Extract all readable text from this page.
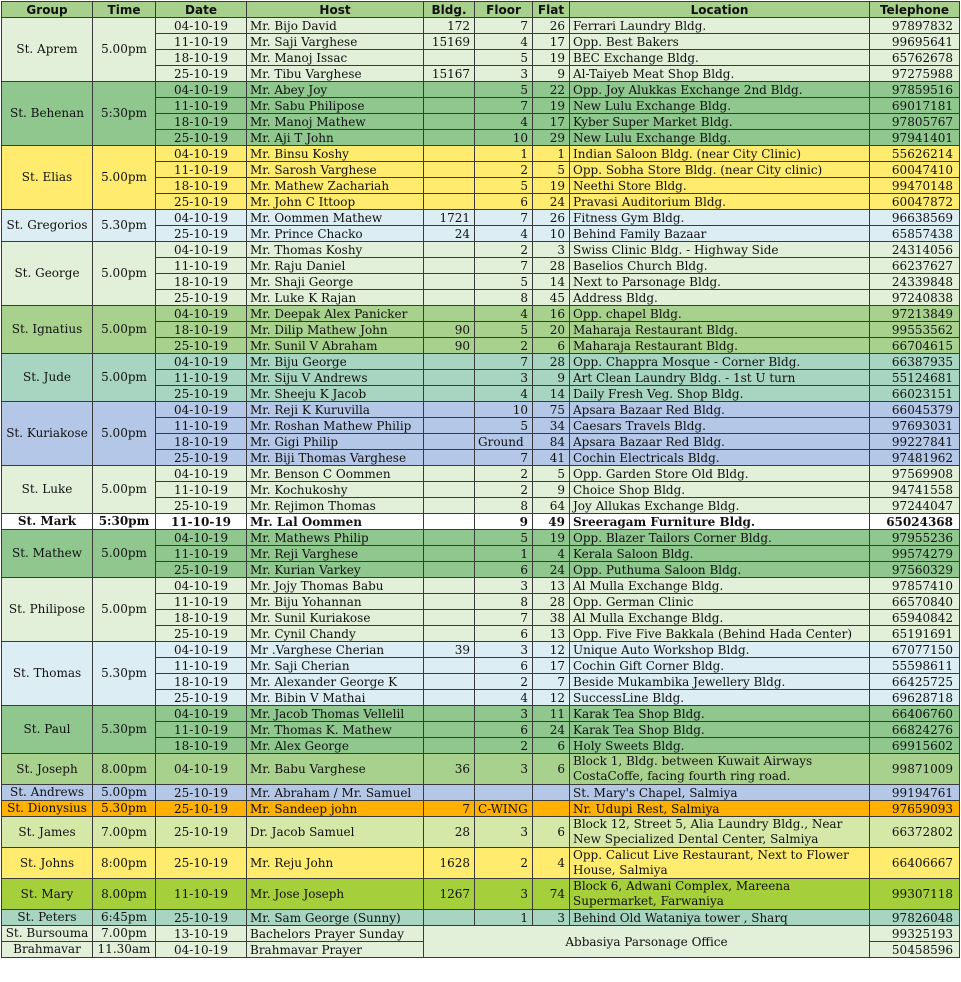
Group	Time	Date	Host	Bldg.	Floor	Flat	Location	Telephone
St. Aprem	5.00pm	04-10-19	Mr. Bijo David	172	7	26	Ferrari Laundry Bldg.	97897832
		11-10-19	Mr. Saji Varghese	15169	4	17	Opp. Best Bakers	99695641
		18-10-19	Mr. Manoj Issac		5	19	BEC Exchange Bldg.	65762678
		25-10-19	Mr. Tibu Varghese	15167	3	9	Al-Taiyeb Meat Shop Bldg.	97275988
St. Behenan	5:30pm	04-10-19	Mr. Abey Joy		5	22	Opp. Joy Alukkas Exchange 2nd Bldg.	97859516
		11-10-19	Mr. Sabu Philipose		7	19	New Lulu Exchange Bldg.	69017181
		18-10-19	Mr. Manoj Mathew		4	17	Kyber Super Market Bldg.	97805767
		25-10-19	Mr. Aji T John		10	29	New Lulu Exchange Bldg.	97941401
St. Elias	5.00pm	04-10-19	Mr. Binsu Koshy		1	1	Indian Saloon Bldg. (near City Clinic)	55626214
		11-10-19	Mr. Sarosh Varghese		2	5	Opp. Sobha Store Bldg. (near City clinic)	60047410
		18-10-19	Mr. Mathew Zachariah		5	19	Neethi Store Bldg.	99470148
		25-10-19	Mr. John C Ittoop		6	24	Pravasi Auditorium Bldg.	60047872
St. Gregorios	5.30pm	04-10-19	Mr. Oommen Mathew	1721	7	26	Fitness Gym Bldg.	96638569
		25-10-19	Mr. Prince Chacko	24	4	10	Behind Family Bazaar	65857438
St. George	5.00pm	04-10-19	Mr. Thomas Koshy		2	3	Swiss Clinic Bldg. - Highway Side	24314056
		11-10-19	Mr. Raju Daniel		7	28	Baselios Church Bldg.	66237627
		18-10-19	Mr. Shaji George		5	14	Next to Parsonage Bldg.	24339848
		25-10-19	Mr. Luke K Rajan		8	45	Address Bldg.	97240838
St. Ignatius	5.00pm	04-10-19	Mr. Deepak Alex Panicker		4	16	Opp. chapel Bldg.	97213849
		18-10-19	Mr. Dilip Mathew John	90	5	20	Maharaja Restaurant Bldg.	99553562
		25-10-19	Mr. Sunil V Abraham	90	2	6	Maharaja Restaurant Bldg.	66704615
St. Jude	5.00pm	04-10-19	Mr. Biju George		7	28	Opp. Chappra Mosque - Corner Bldg.	66387935
		11-10-19	Mr. Siju V Andrews		3	9	Art Clean Laundry Bldg. - 1st U turn	55124681
		25-10-19	Mr. Sheeju K Jacob		4	14	Daily Fresh Veg. Shop Bldg.	66023151
St. Kuriakose	5.00pm	04-10-19	Mr. Reji K Kuruvilla		10	75	Apsara Bazaar Red Bldg.	66045379
		11-10-19	Mr. Roshan Mathew Philip		5	34	Caesars Travels Bldg.	97693031
		18-10-19	Mr. Gigi Philip		Ground	84	Apsara Bazaar Red Bldg.	99227841
		25-10-19	Mr. Biji Thomas Varghese		7	41	Cochin Electricals Bldg.	97481962
St. Luke	5.00pm	04-10-19	Mr. Benson C Oommen		2	5	Opp. Garden Store Old Bldg.	97569908
		11-10-19	Mr. Kochukoshy		2	9	Choice Shop Bldg.	94741558
		25-10-19	Mr. Rejimon Thomas		8	64	Joy Allukas Exchange Bldg.	97244047
St. Mark	5:30pm	11-10-19	Mr. Lal Oommen		9	49	Sreeragam Furniture Bldg.	65024368
St. Mathew	5.00pm	04-10-19	Mr. Mathews Philip		5	19	Opp. Blazer Tailors Corner Bldg.	97955236
		11-10-19	Mr. Reji Varghese		1	4	Kerala Saloon Bldg.	99574279
		25-10-19	Mr. Kurian Varkey		6	24	Opp. Puthuma Saloon Bldg.	97560329
St. Philipose	5.00pm	04-10-19	Mr. Jojy Thomas Babu		3	13	Al Mulla Exchange Bldg.	97857410
		11-10-19	Mr. Biju Yohannan		8	28	Opp. German Clinic	66570840
		18-10-19	Mr. Sunil Kuriakose		7	38	Al Mulla Exchange Bldg.	65940842
		25-10-19	Mr. Cynil Chandy		6	13	Opp. Five Five Bakkala (Behind Hada Center)	65191691
St. Thomas	5.30pm	04-10-19	Mr .Varghese Cherian	39	3	12	Unique Auto Workshop Bldg.	67077150
		11-10-19	Mr. Saji Cherian		6	17	Cochin Gift Corner Bldg.	55598611
		18-10-19	Mr. Alexander George K		2	7	Beside Mukambika Jewellery Bldg.	66425725
		25-10-19	Mr. Bibin V Mathai		4	12	SuccessLine Bldg.	69628718
St. Paul	5.30pm	04-10-19	Mr. Jacob Thomas Vellelil		3	11	Karak Tea Shop Bldg.	66406760
		11-10-19	Mr. Thomas K. Mathew		6	24	Karak Tea Shop Bldg.	66824276
		18-10-19	Mr. Alex George		2	6	Holy Sweets Bldg.	69915602
St. Joseph	8.00pm	04-10-19	Mr. Babu Varghese	36	3	6	Block 1, Bldg. between Kuwait Airways CostaCoffe, facing fourth ring road.	99871009
St. Andrews	5.00pm	25-10-19	Mr. Abraham / Mr. Samuel				St. Mary's Chapel, Salmiya	99194761
St. Dionysius	5.30pm	25-10-19	Mr. Sandeep john	7	C-WING		Nr. Udupi Rest, Salmiya	97659093
St. James	7.00pm	25-10-19	Dr. Jacob Samuel	28	3	6	Block 12, Street 5, Alia Laundry Bldg., Near New Specialized Dental Center, Salmiya	66372802
St. Johns	8:00pm	25-10-19	Mr. Reju John	1628	2	4	Opp. Calicut Live Restaurant, Next to Flower House, Salmiya	66406667
St. Mary	8.00pm	11-10-19	Mr. Jose Joseph	1267	3	74	Block 6, Adwani Complex, Mareena Supermarket, Farwaniya	99307118
St. Peters	6:45pm	25-10-19	Mr. Sam George (Sunny)		1	3	Behind Old Wataniya tower , Sharq	97826048
St. Bursouma	7.00pm	13-10-19	Bachelors Prayer Sunday	Abbasiya Parsonage Office				99325193
Brahmavar	11.30am	04-10-19	Brahmavar Prayer					50458596
